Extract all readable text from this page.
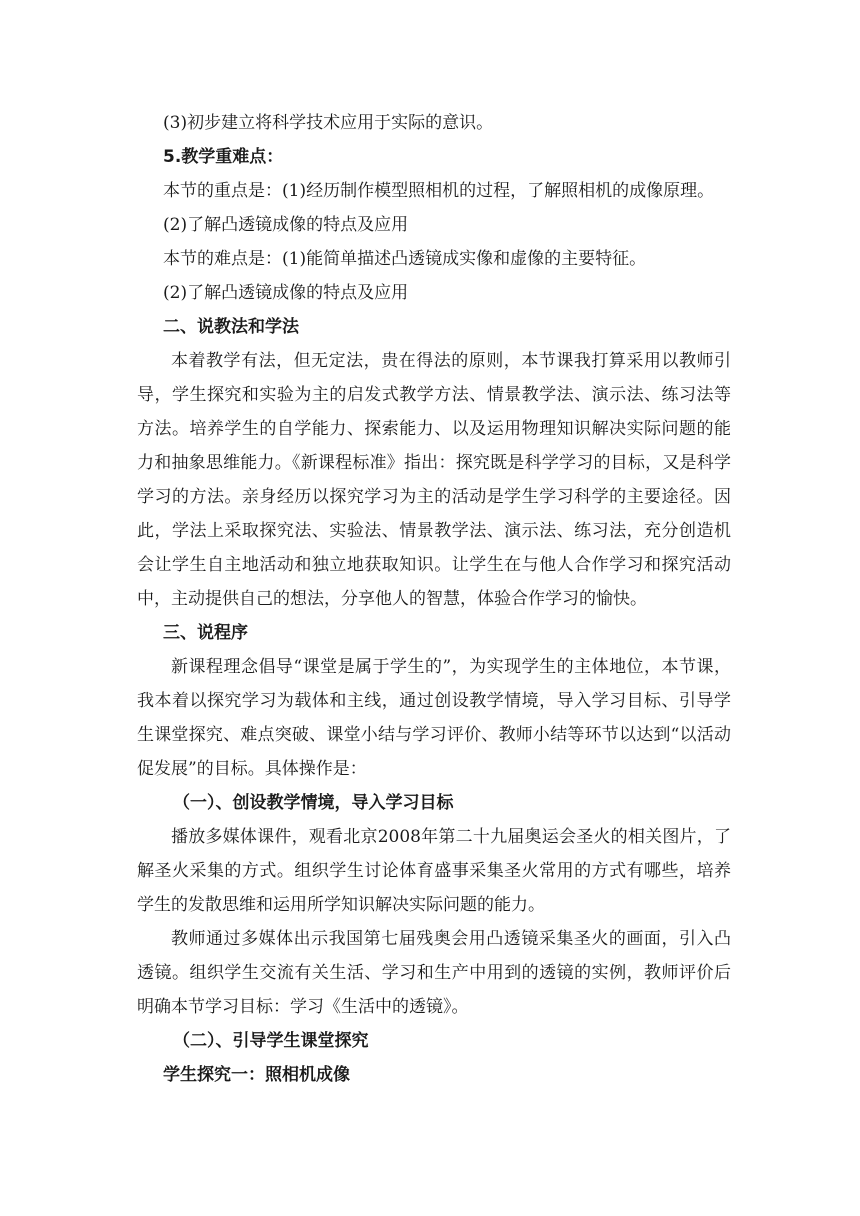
(3)初步建立将科学技术应用于实际的意识。

5.教学重难点：

本节的重点是：(1)经历制作模型照相机的过程，了解照相机的成像原理。

(2)了解凸透镜成像的特点及应用

本节的难点是：(1)能简单描述凸透镜成实像和虚像的主要特征。

(2)了解凸透镜成像的特点及应用

二、说教法和学法

本着教学有法，但无定法，贵在得法的原则，本节课我打算采用以教师引导，学生探究和实验为主的启发式教学方法、情景教学法、演示法、练习法等方法。培养学生的自学能力、探索能力、以及运用物理知识解决实际问题的能力和抽象思维能力。《新课程标准》指出：探究既是科学学习的目标，又是科学学习的方法。亲身经历以探究学习为主的活动是学生学习科学的主要途径。因此，学法上采取探究法、实验法、情景教学法、演示法、练习法，充分创造机会让学生自主地活动和独立地获取知识。让学生在与他人合作学习和探究活动中，主动提供自己的想法，分享他人的智慧，体验合作学习的愉快。

三、说程序

新课程理念倡导“课堂是属于学生的”，为实现学生的主体地位，本节课，我本着以探究学习为载体和主线，通过创设教学情境，导入学习目标、引导学生课堂探究、难点突破、课堂小结与学习评价、教师小结等环节以达到“以活动促发展”的目标。具体操作是：

（一）、创设教学情境，导入学习目标

播放多媒体课件，观看北京2008年第二十九届奥运会圣火的相关图片，了解圣火采集的方式。组织学生讨论体育盛事采集圣火常用的方式有哪些，培养学生的发散思维和运用所学知识解决实际问题的能力。

教师通过多媒体出示我国第七届残奥会用凸透镜采集圣火的画面，引入凸透镜。组织学生交流有关生活、学习和生产中用到的透镜的实例，教师评价后明确本节学习目标：学习《生活中的透镜》。

（二）、引导学生课堂探究

学生探究一：照相机成像
